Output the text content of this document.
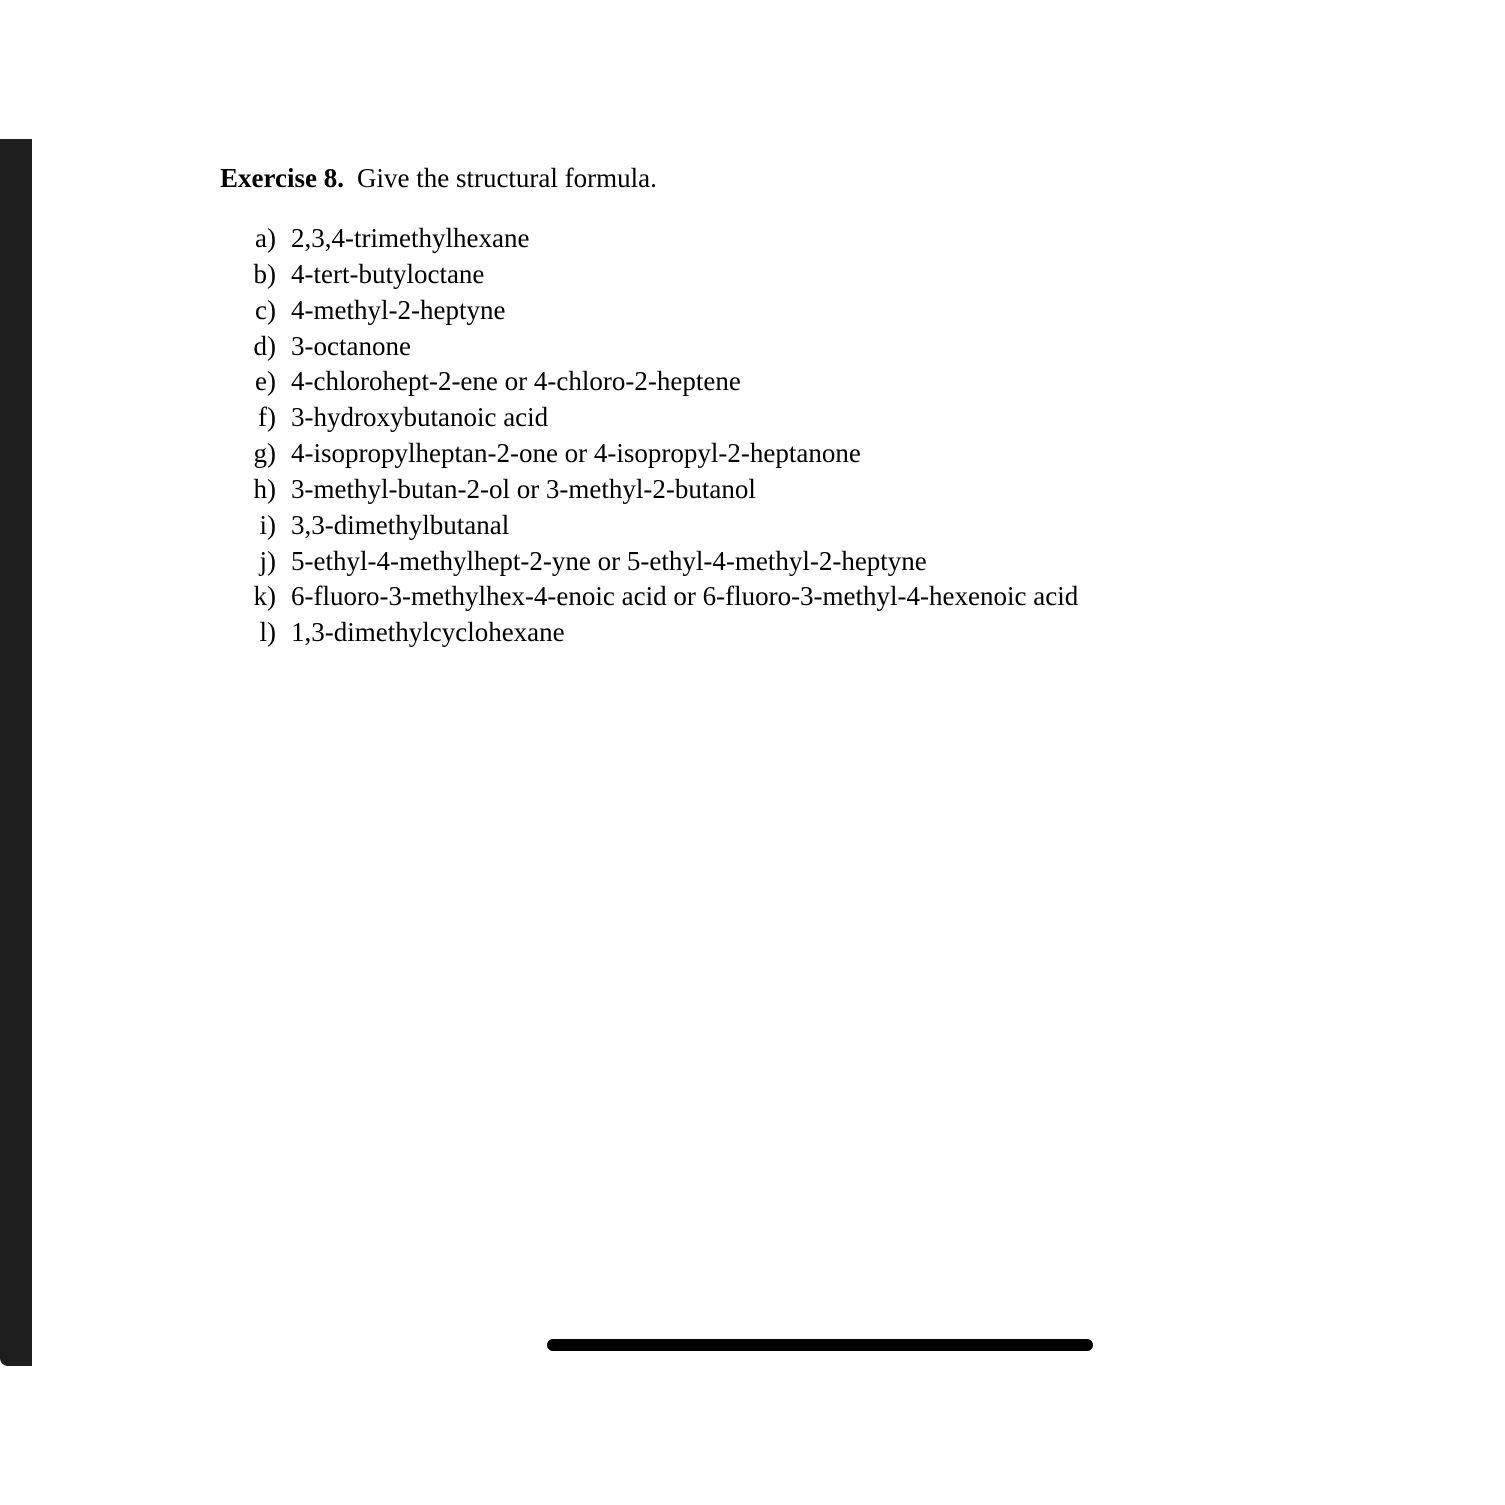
Exercise 8. Give the structural formula.
a) 2,3,4-trimethylhexane
b) 4-tert-butyloctane
c) 4-methyl-2-heptyne
d) 3-octanone
e) 4-chlorohept-2-ene or 4-chloro-2-heptene
f) 3-hydroxybutanoic acid
g) 4-isopropylheptan-2-one or 4-isopropyl-2-heptanone
h) 3-methyl-butan-2-ol or 3-methyl-2-butanol
i) 3,3-dimethylbutanal
j) 5-ethyl-4-methylhept-2-yne or 5-ethyl-4-methyl-2-heptyne
k) 6-fluoro-3-methylhex-4-enoic acid or 6-fluoro-3-methyl-4-hexenoic acid
l) 1,3-dimethylcyclohexane
